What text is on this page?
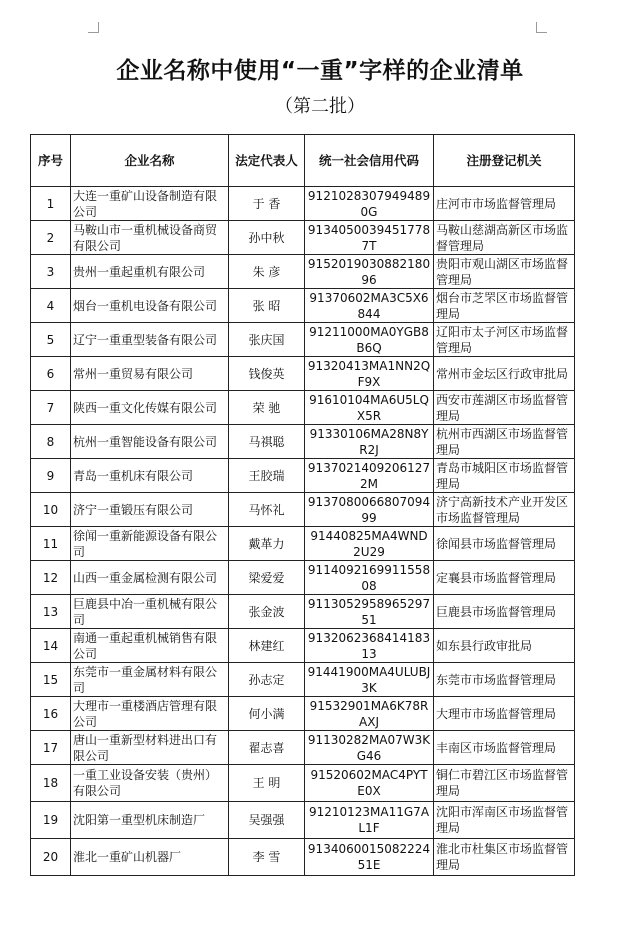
企业名称中使用“一重”字样的企业清单
（第二批）
序号	企业名称	法定代表人	统一社会信用代码	注册登记机关
1	大连一重矿山设备制造有限公司	于 香	91210283079494890G	庄河市市场监督管理局
2	马鞍山市一重机械设备商贸有限公司	孙中秋	91340500394517787T	马鞍山慈湖高新区市场监督管理局
3	贵州一重起重机有限公司	朱 彦	915201903088218096	贵阳市观山湖区市场监督管理局
4	烟台一重机电设备有限公司	张 昭	91370602MA3C5X6844	烟台市芝罘区市场监督管理局
5	辽宁一重重型装备有限公司	张庆国	91211000MA0YGB8B6Q	辽阳市太子河区市场监督管理局
6	常州一重贸易有限公司	钱俊英	91320413MA1NN2QF9X	常州市金坛区行政审批局
7	陕西一重文化传媒有限公司	荣 驰	91610104MA6U5LQX5R	西安市莲湖区市场监督管理局
8	杭州一重智能设备有限公司	马祺聪	91330106MA28N8YR2J	杭州市西湖区市场监督管理局
9	青岛一重机床有限公司	王胶瑞	91370214092061272M	青岛市城阳区市场监督管理局
10	济宁一重锻压有限公司	马怀礼	913708006680709499	济宁高新技术产业开发区市场监督管理局
11	徐闻一重新能源设备有限公司	戴革力	91440825MA4WND2U29	徐闻县市场监督管理局
12	山西一重金属检测有限公司	梁爱爱	911409216991155808	定襄县市场监督管理局
13	巨鹿县中冶一重机械有限公司	张金波	911305295896529751	巨鹿县市场监督管理局
14	南通一重起重机械销售有限公司	林建红	913206236841418313	如东县行政审批局
15	东莞市一重金属材料有限公司	孙志定	91441900MA4ULUBJ3K	东莞市市场监督管理局
16	大理市一重楼酒店管理有限公司	何小满	91532901MA6K78RAXJ	大理市市场监督管理局
17	唐山一重新型材料进出口有限公司	翟志喜	91130282MA07W3KG46	丰南区市场监督管理局
18	一重工业设备安装（贵州）有限公司	王 明	91520602MAC4PYTE0X	铜仁市碧江区市场监督管理局
19	沈阳第一重型机床制造厂	吴强强	91210123MA11G7AL1F	沈阳市浑南区市场监督管理局
20	淮北一重矿山机器厂	李 雪	913406001508222451E	淮北市杜集区市场监督管理局
